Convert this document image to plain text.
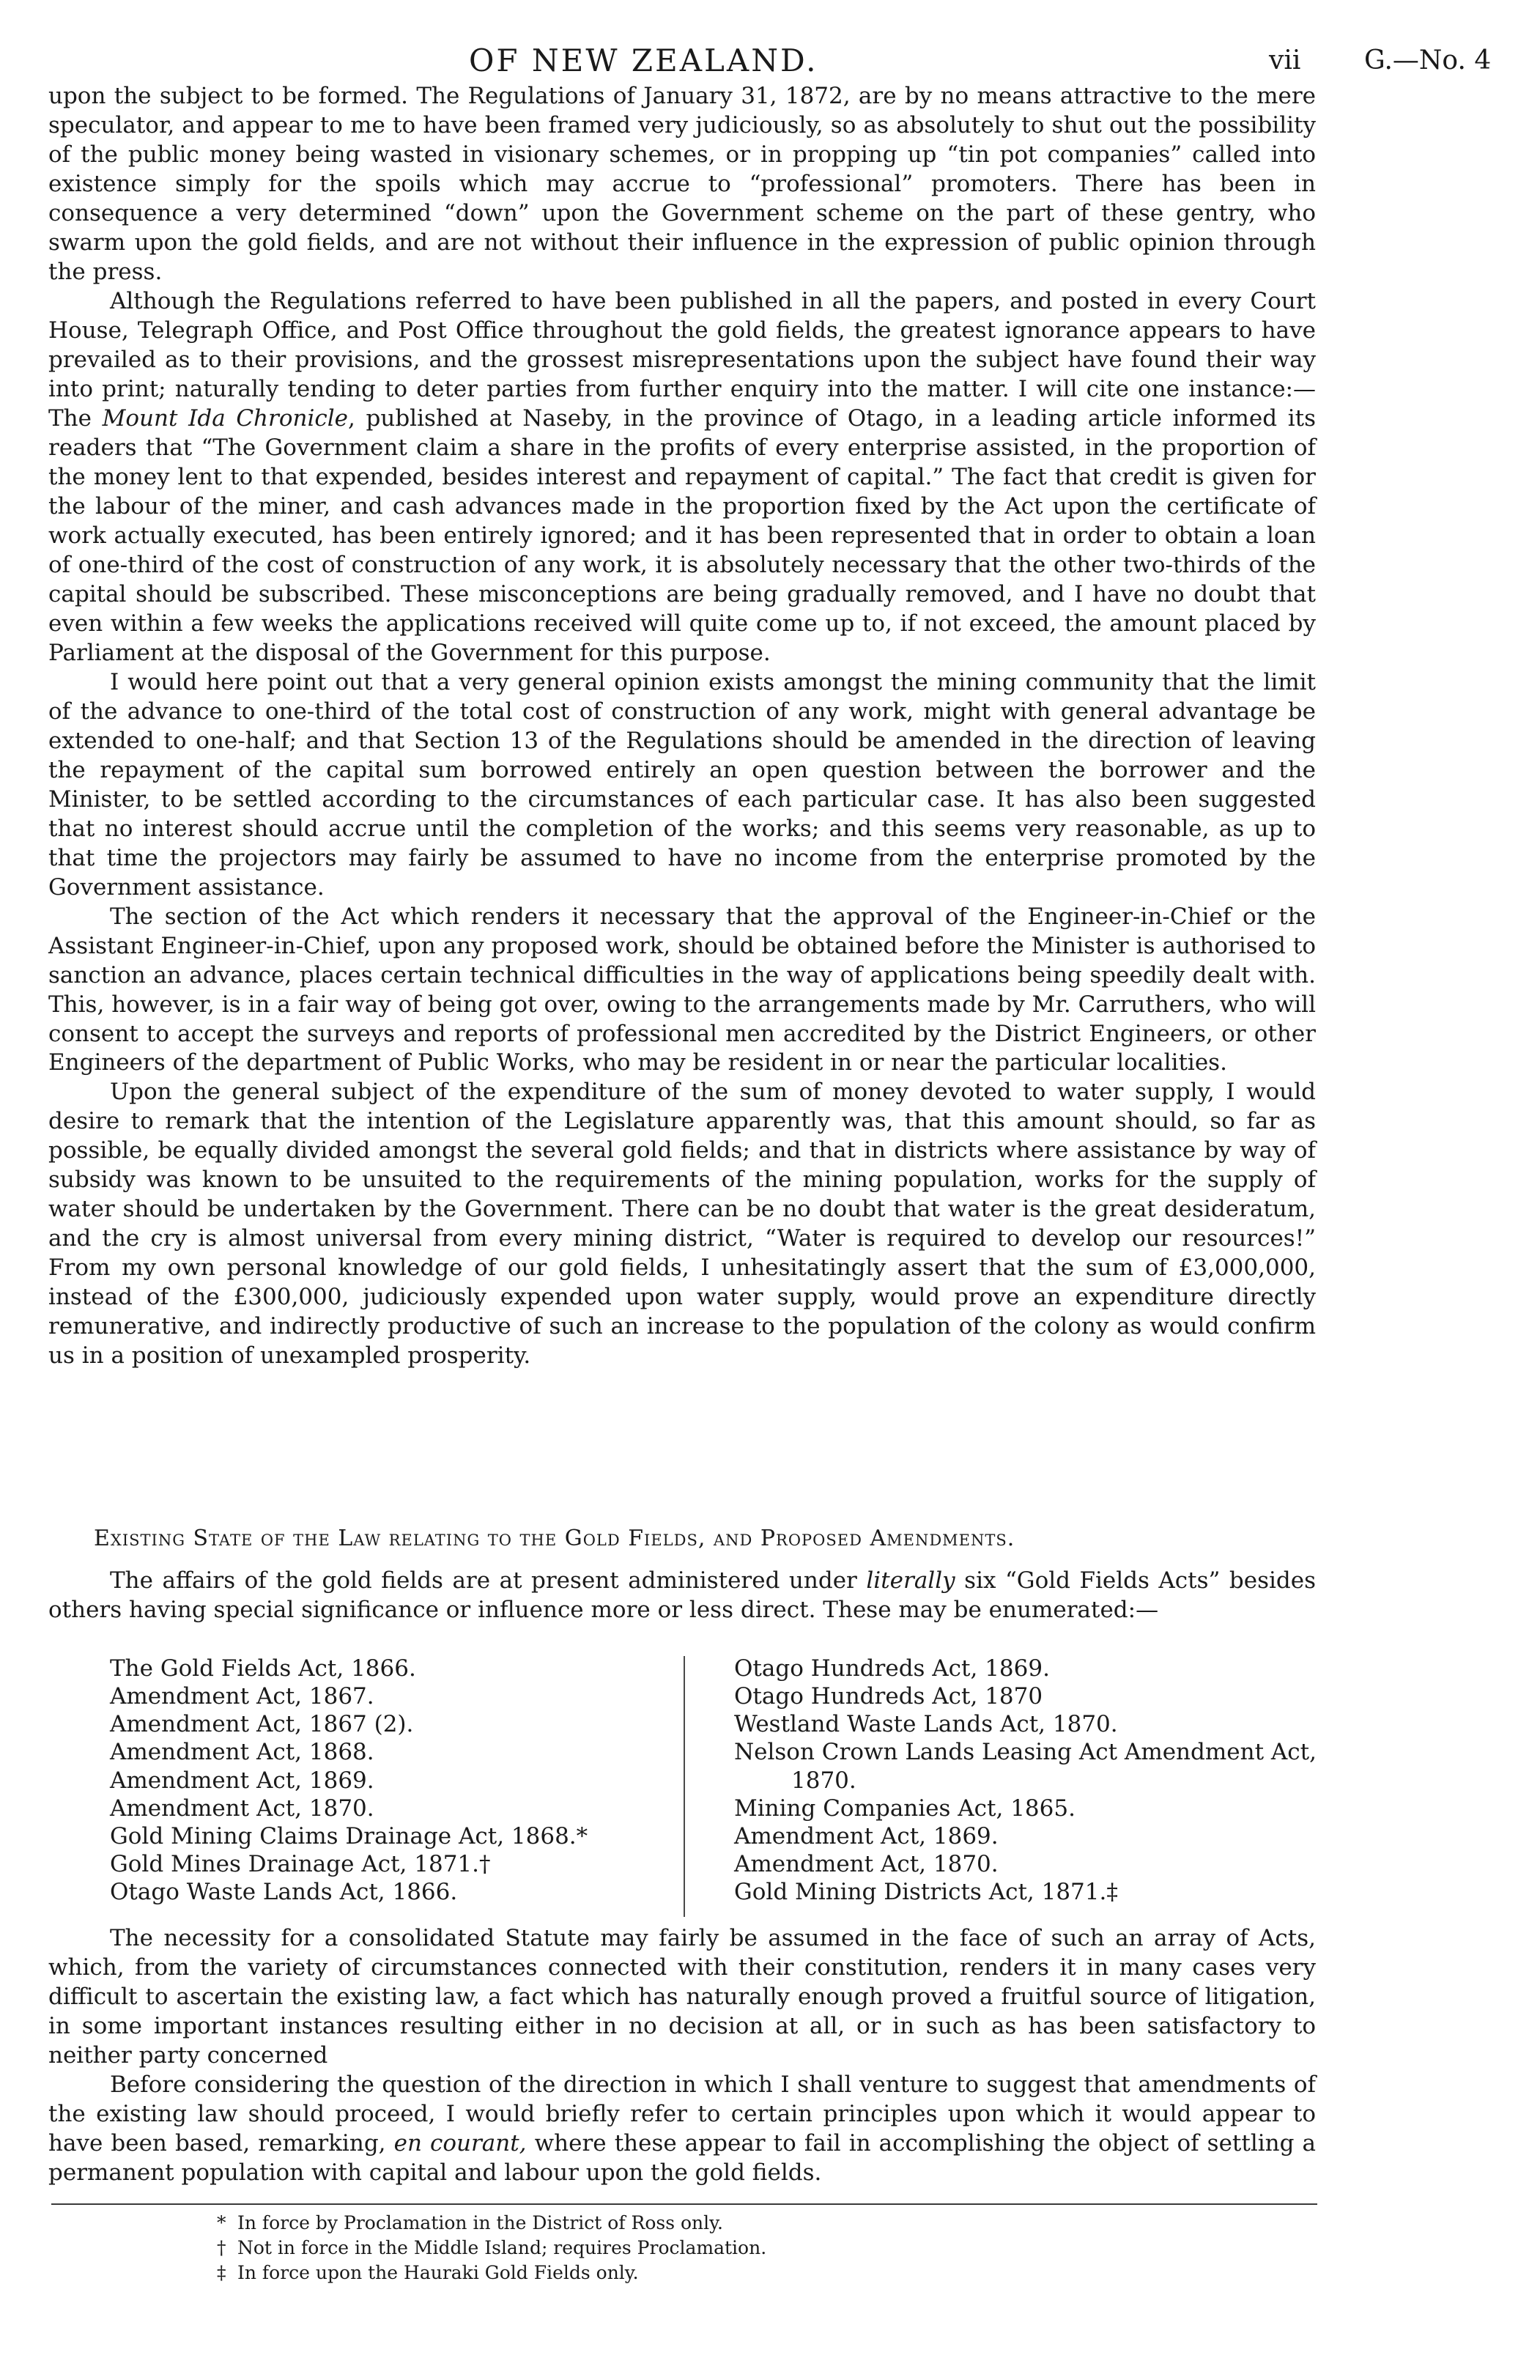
OF NEW ZEALAND.	vii G.—No. 4

upon the subject to be formed. The Regulations of January 31, 1872, are by no means attractive to the mere speculator, and appear to me to have been framed very judiciously, so as absolutely to shut out the possibility of the public money being wasted in visionary schemes, or in propping up “tin pot companies” called into existence simply for the spoils which may accrue to “professional” promoters. There has been in consequence a very determined “down” upon the Government scheme on the part of these gentry, who swarm upon the gold fields, and are not without their influence in the expression of public opinion through the press.

Although the Regulations referred to have been published in all the papers, and posted in every Court House, Telegraph Office, and Post Office throughout the gold fields, the greatest ignorance appears to have prevailed as to their provisions, and the grossest misrepresentations upon the subject have found their way into print; naturally tending to deter parties from further enquiry into the matter. I will cite one instance:—The Mount Ida Chronicle, published at Naseby, in the province of Otago, in a leading article informed its readers that “The Government claim a share in the profits of every enterprise assisted, in the proportion of the money lent to that expended, besides interest and repayment of capital.” The fact that credit is given for the labour of the miner, and cash advances made in the proportion fixed by the Act upon the certificate of work actually executed, has been entirely ignored; and it has been represented that in order to obtain a loan of one-third of the cost of construction of any work, it is absolutely necessary that the other two-thirds of the capital should be subscribed. These misconceptions are being gradually removed, and I have no doubt that even within a few weeks the applications received will quite come up to, if not exceed, the amount placed by Parliament at the disposal of the Government for this purpose.

I would here point out that a very general opinion exists amongst the mining community that the limit of the advance to one-third of the total cost of construction of any work, might with general advantage be extended to one-half; and that Section 13 of the Regulations should be amended in the direction of leaving the repayment of the capital sum borrowed entirely an open question between the borrower and the Minister, to be settled according to the circumstances of each particular case. It has also been suggested that no interest should accrue until the completion of the works; and this seems very reasonable, as up to that time the projectors may fairly be assumed to have no income from the enterprise promoted by the Government assistance.

The section of the Act which renders it necessary that the approval of the Engineer-in-Chief or the Assistant Engineer-in-Chief, upon any proposed work, should be obtained before the Minister is authorised to sanction an advance, places certain technical difficulties in the way of applications being speedily dealt with. This, however, is in a fair way of being got over, owing to the arrangements made by Mr. Carruthers, who will consent to accept the surveys and reports of professional men accredited by the District Engineers, or other Engineers of the department of Public Works, who may be resident in or near the particular localities.

Upon the general subject of the expenditure of the sum of money devoted to water supply, I would desire to remark that the intention of the Legislature apparently was, that this amount should, so far as possible, be equally divided amongst the several gold fields; and that in districts where assistance by way of subsidy was known to be unsuited to the requirements of the mining population, works for the supply of water should be undertaken by the Government. There can be no doubt that water is the great desideratum, and the cry is almost universal from every mining district, “Water is required to develop our resources!” From my own personal knowledge of our gold fields, I unhesitatingly assert that the sum of £3,000,000, instead of the £300,000, judiciously expended upon water supply, would prove an expenditure directly remunerative, and indirectly productive of such an increase to the population of the colony as would confirm us in a position of unexampled prosperity.

Existing State of the Law relating to the Gold Fields, and Proposed Amendments.

The affairs of the gold fields are at present administered under literally six “Gold Fields Acts” besides others having special significance or influence more or less direct. These may be enumerated:—

The Gold Fields Act, 1866.
Amendment Act, 1867.
Amendment Act, 1867 (2).
Amendment Act, 1868.
Amendment Act, 1869.
Amendment Act, 1870.
Gold Mining Claims Drainage Act, 1868.*
Gold Mines Drainage Act, 1871.†
Otago Waste Lands Act, 1866.
Otago Hundreds Act, 1869.
Otago Hundreds Act, 1870
Westland Waste Lands Act, 1870.
Nelson Crown Lands Leasing Act Amendment Act, 1870.
Mining Companies Act, 1865.
Amendment Act, 1869.
Amendment Act, 1870.
Gold Mining Districts Act, 1871.‡

The necessity for a consolidated Statute may fairly be assumed in the face of such an array of Acts, which, from the variety of circumstances connected with their constitution, renders it in many cases very difficult to ascertain the existing law, a fact which has naturally enough proved a fruitful source of litigation, in some important instances resulting either in no decision at all, or in such as has been satisfactory to neither party concerned

Before considering the question of the direction in which I shall venture to suggest that amendments of the existing law should proceed, I would briefly refer to certain principles upon which it would appear to have been based, remarking, en courant, where these appear to fail in accomplishing the object of settling a permanent population with capital and labour upon the gold fields.

* In force by Proclamation in the District of Ross only.
† Not in force in the Middle Island; requires Proclamation.
‡ In force upon the Hauraki Gold Fields only.
